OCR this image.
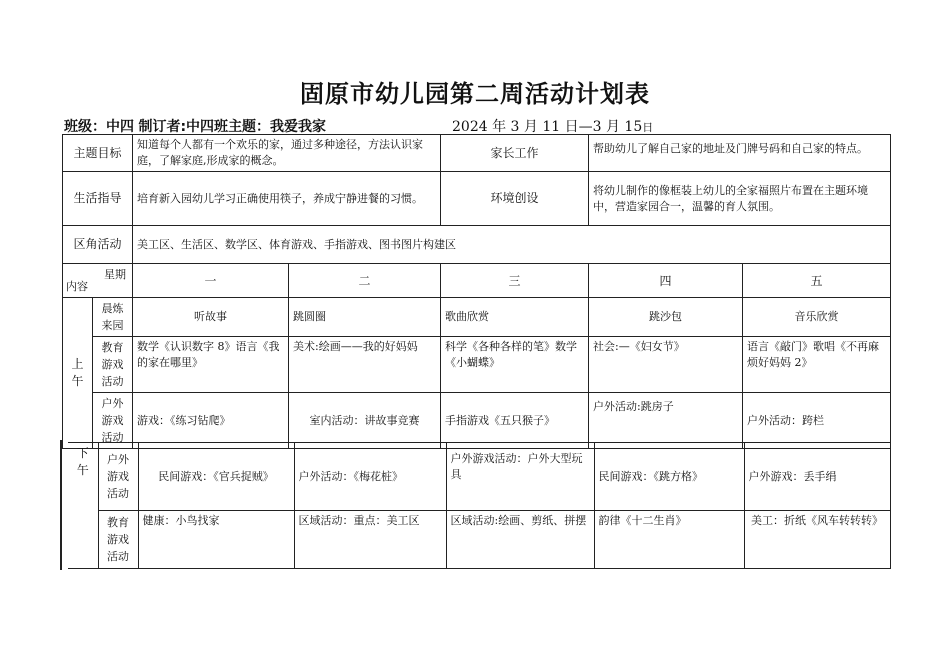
固原市幼儿园第二周活动计划表
班级：中四 制订者:中四班主题：我爱我家	2024 年 3 月 11 日—3 月 15日
主题目标		知道每个人都有一个欢乐的家，通过多种途径，方法认识家庭，了解家庭,形成家的概念。		家长工作	帮助幼儿了解自己家的地址及门牌号码和自己家的特点。	
生活指导		培育新入园幼儿学习正确使用筷子，养成宁静进餐的习惯。		环境创设	将幼儿制作的像框装上幼儿的全家福照片布置在主题环境中，营造家园合一，温馨的育人氛围。	
区角活动		美工区、生活区、数学区、体育游戏、手指游戏、图书图片构建区				

星期
内容		一	二	三	四	五
上午	晨炼来园	听故事	跳圆圈	歌曲欣赏	跳沙包	音乐欣赏
	教育游戏活动	数学《认识数字 8》语言《我的家在哪里》	美术:绘画——我的好妈妈	科学《各种各样的笔》数学《小蝴蝶》	社会:—《妇女节》	语言《敲门》歌唱《不再麻烦好妈妈 2》
	户外游戏活动	游戏：《练习钻爬》	室内活动：讲故事竞赛	手指游戏《五只猴子》	户外活动:跳房子	户外活动：跨栏
下午	户外游戏活动	民间游戏：《官兵捉贼》	户外活动：《梅花桩》	户外游戏活动：户外大型玩具	民间游戏：《跳方格》	户外游戏：丢手绢
	教育游戏活动	健康：小鸟找家	区域活动：重点：美工区	区域活动:绘画、剪纸、拼摆	韵律《十二生肖》	美工：折纸《风车转转转》
